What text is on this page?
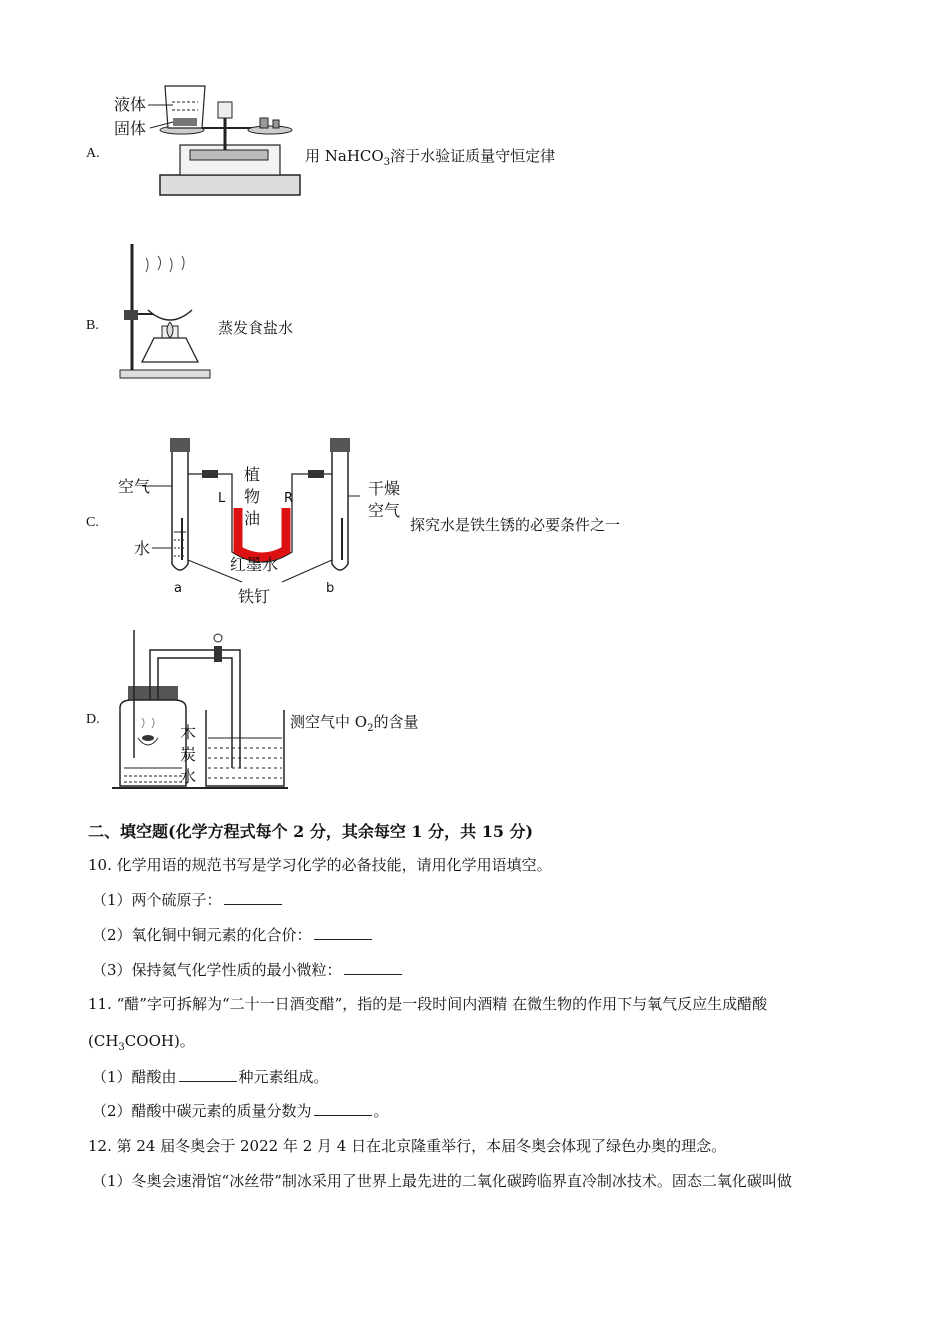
A.
液体
固体
用 NaHCO$_3$溶于水验证质量守恒定律
B.	蒸发食盐水
C.
空气
植
物
油
L	R
干燥
空气
水
红墨水
a	b
铁钉
探究水是铁生锈的必要条件之一
D.
木
炭
水
测空气中 $O_2$的含量
二、填空题(化学方程式每个 2 分，其余每空 1 分，共 15 分)
10. 化学用语的规范书写是学习化学的必备技能，请用化学用语填空。
（1）两个硫原子：
（2）氧化铜中铜元素的化合价：
（3）保持氦气化学性质的最小微粒：
11. “醋”字可拆解为“二十一日酒变醋”，指的是一段时间内酒精 在微生物的作用下与氧气反应生成醋酸
$(CH_3COOH)$。
（1）醋酸由	种元素组成。
（2）醋酸中碳元素的质量分数为	。
12. 第 24 届冬奥会于 2022 年 2 月 4 日在北京隆重举行，本届冬奥会体现了绿色办奥的理念。
（1）冬奥会速滑馆“冰丝带”制冰采用了世界上最先进的二氧化碳跨临界直冷制冰技术。固态二氧化碳叫做
